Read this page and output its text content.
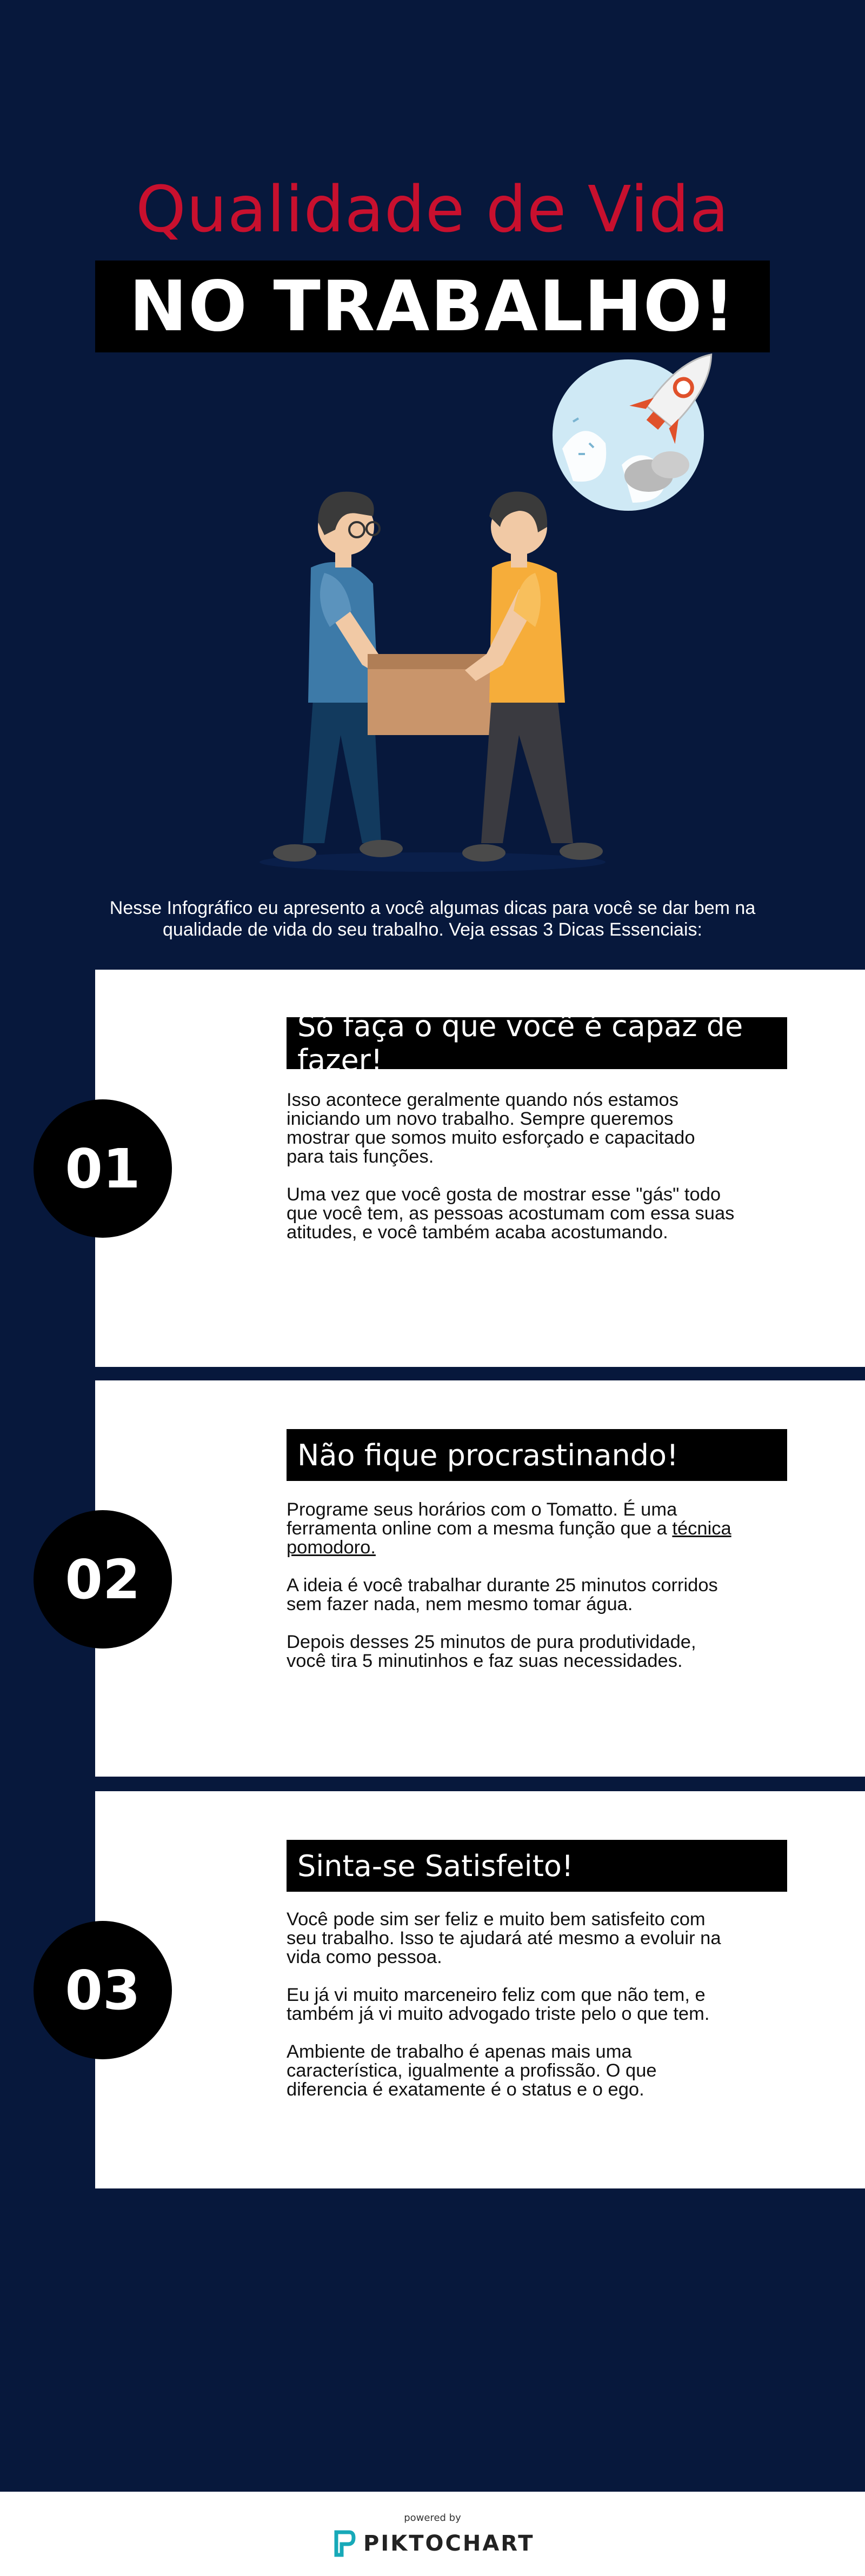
Qualidade de Vida
NO TRABALHO!
Nesse Infográfico eu apresento a você algumas dicas para você se dar bem na qualidade de vida do seu trabalho. Veja essas 3 Dicas Essenciais:
01
Só faça o que você é capaz de fazer!

Isso acontece geralmente quando nós estamos iniciando um novo trabalho. Sempre queremos mostrar que somos muito esforçado e capacitado para tais funções.

Uma vez que você gosta de mostrar esse "gás" todo que você tem, as pessoas acostumam com essa suas atitudes, e você também acaba acostumando.

02
Não fique procrastinando!

Programe seus horários com o Tomatto. É uma ferramenta online com a mesma função que a técnica pomodoro.

A ideia é você trabalhar durante 25 minutos corridos sem fazer nada, nem mesmo tomar água.

Depois desses 25 minutos de pura produtividade, você tira 5 minutinhos e faz suas necessidades.

03
Sinta-se Satisfeito!

Você pode sim ser feliz e muito bem satisfeito com seu trabalho. Isso te ajudará até mesmo a evoluir na vida como pessoa.

Eu já vi muito marceneiro feliz com que não tem, e também já vi muito advogado triste pelo o que tem.

Ambiente de trabalho é apenas mais uma característica, igualmente a profissão. O que diferencia é exatamente é o status e o ego.

powered by
PIKTOCHART
